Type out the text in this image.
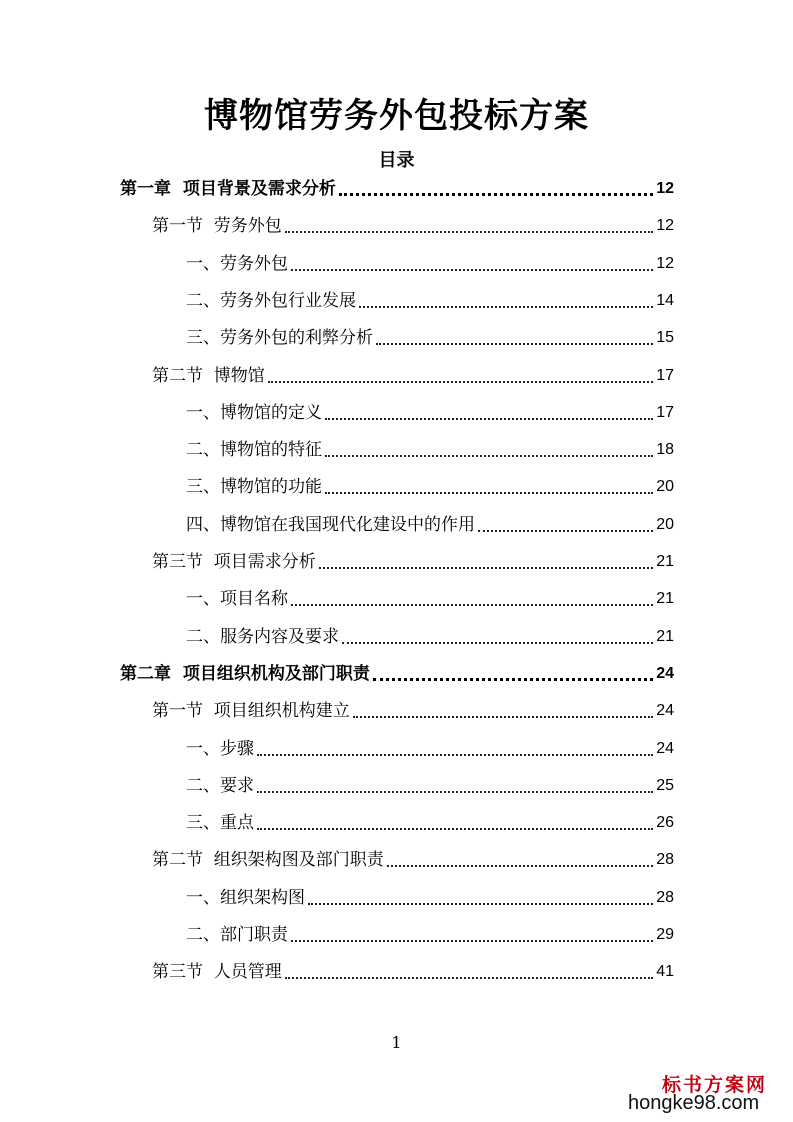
博物馆劳务外包投标方案
目录
第一章  项目背景及需求分析	12
第一节  劳务外包	12
一、劳务外包	12
二、劳务外包行业发展	14
三、劳务外包的利弊分析	15
第二节  博物馆	17
一、博物馆的定义	17
二、博物馆的特征	18
三、博物馆的功能	20
四、博物馆在我国现代化建设中的作用	20
第三节  项目需求分析	21
一、项目名称	21
二、服务内容及要求	21
第二章  项目组织机构及部门职责	24
第一节  项目组织机构建立	24
一、步骤	24
二、要求	25
三、重点	26
第二节  组织架构图及部门职责	28
一、组织架构图	28
二、部门职责	29
第三节  人员管理	41
1
标书方案网
hongke98.com
